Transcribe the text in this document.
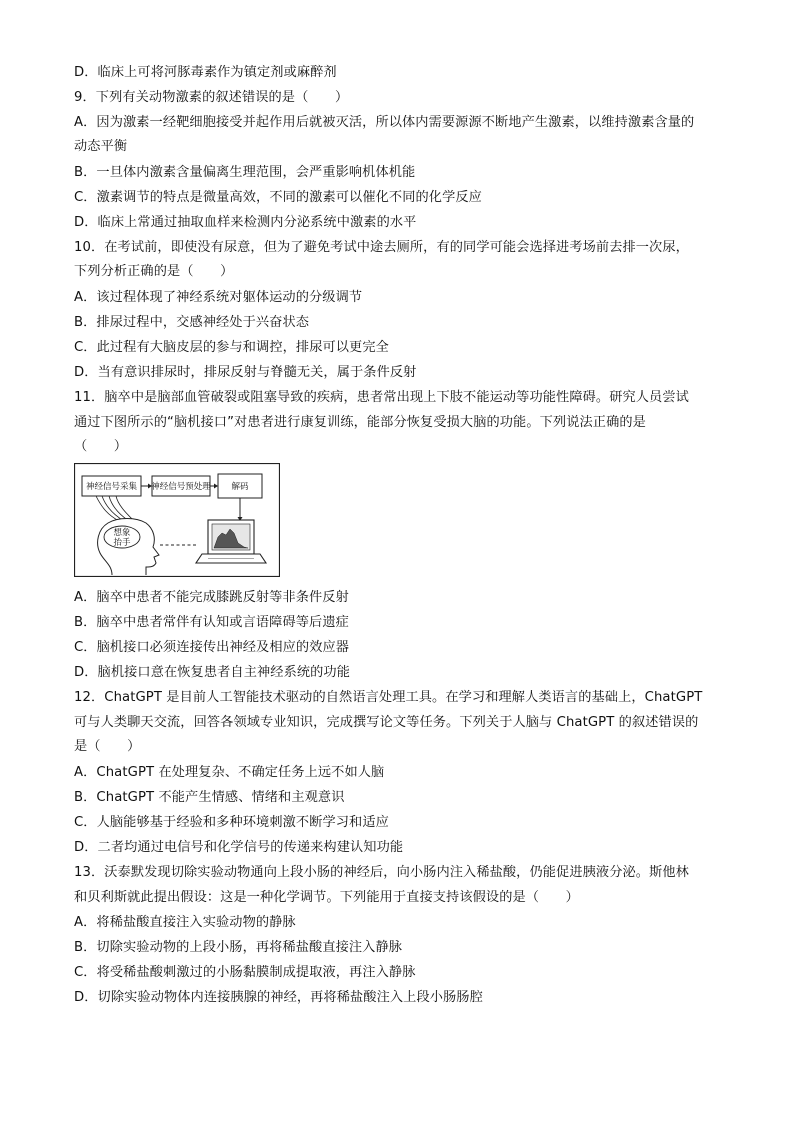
D．临床上可将河豚毒素作为镇定剂或麻醉剂
9．下列有关动物激素的叙述错误的是（　　）
A．因为激素一经靶细胞接受并起作用后就被灭活，所以体内需要源源不断地产生激素，以维持激素含量的
动态平衡
B．一旦体内激素含量偏离生理范围，会严重影响机体机能
C．激素调节的特点是微量高效，不同的激素可以催化不同的化学反应
D．临床上常通过抽取血样来检测内分泌系统中激素的水平
10．在考试前，即使没有尿意，但为了避免考试中途去厕所，有的同学可能会选择进考场前去排一次尿，
下列分析正确的是（　　）
A．该过程体现了神经系统对躯体运动的分级调节
B．排尿过程中，交感神经处于兴奋状态
C．此过程有大脑皮层的参与和调控，排尿可以更完全
D．当有意识排尿时，排尿反射与脊髓无关，属于条件反射
11．脑卒中是脑部血管破裂或阻塞导致的疾病，患者常出现上下肢不能运动等功能性障碍。研究人员尝试
通过下图所示的“脑机接口”对患者进行康复训练，能部分恢复受损大脑的功能。下列说法正确的是
（　　）
神经信号采集 神经信号预处理 解码
想象
抬手
A．脑卒中患者不能完成膝跳反射等非条件反射
B．脑卒中患者常伴有认知或言语障碍等后遗症
C．脑机接口必须连接传出神经及相应的效应器
D．脑机接口意在恢复患者自主神经系统的功能
12．ChatGPT 是目前人工智能技术驱动的自然语言处理工具。在学习和理解人类语言的基础上，ChatGPT
可与人类聊天交流，回答各领域专业知识，完成撰写论文等任务。下列关于人脑与 ChatGPT 的叙述错误的
是（　　）
A．ChatGPT 在处理复杂、不确定任务上远不如人脑
B．ChatGPT 不能产生情感、情绪和主观意识
C．人脑能够基于经验和多种环境刺激不断学习和适应
D．二者均通过电信号和化学信号的传递来构建认知功能
13．沃泰默发现切除实验动物通向上段小肠的神经后，向小肠内注入稀盐酸，仍能促进胰液分泌。斯他林
和贝利斯就此提出假设：这是一种化学调节。下列能用于直接支持该假设的是（　　）
A．将稀盐酸直接注入实验动物的静脉
B．切除实验动物的上段小肠，再将稀盐酸直接注入静脉
C．将受稀盐酸刺激过的小肠黏膜制成提取液，再注入静脉
D．切除实验动物体内连接胰腺的神经，再将稀盐酸注入上段小肠肠腔
